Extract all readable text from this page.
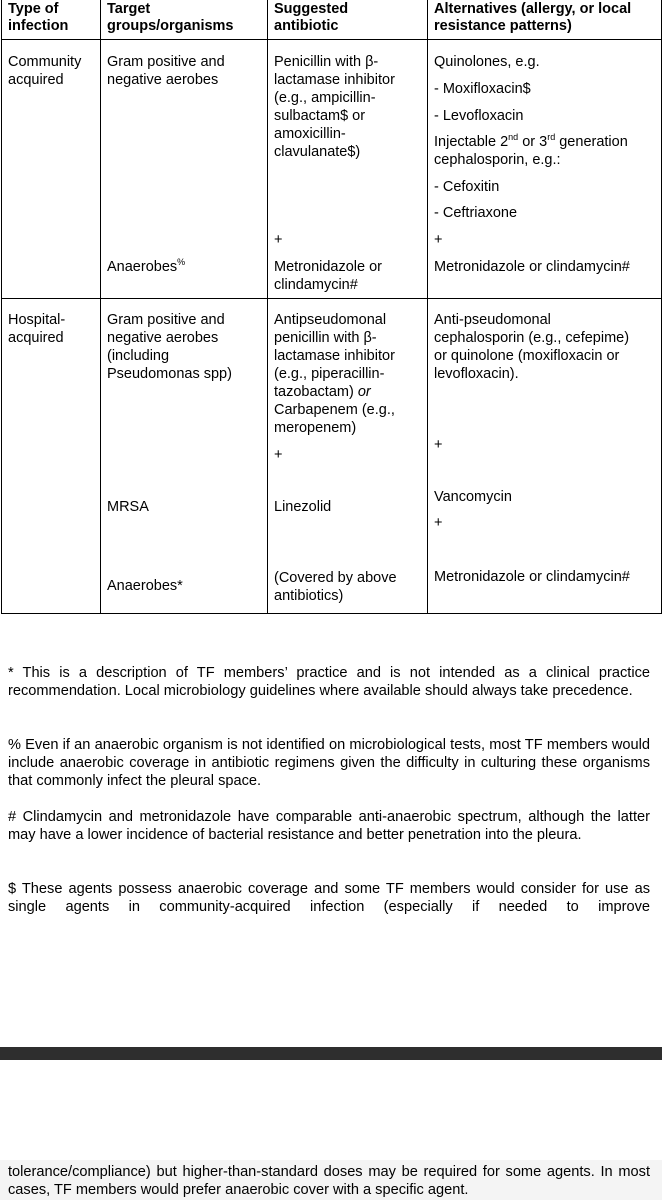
Type of
infection
Target
groups/organisms
Suggested
antibiotic
Alternatives (allergy, or local
resistance patterns)
Community
acquired
Gram positive and
negative aerobes
Anaerobes%
Penicillin with β-
lactamase inhibitor
(e.g., ampicillin-
sulbactam$ or
amoxicillin-
clavulanate$)
+
Metronidazole or
clindamycin#
Quinolones, e.g.
- Moxifloxacin$
- Levofloxacin
Injectable 2nd or 3rd generation
cephalosporin, e.g.:
- Cefoxitin
- Ceftriaxone
+
Metronidazole or clindamycin#
Hospital-
acquired
Gram positive and
negative aerobes
(including
Pseudomonas spp)
MRSA
Anaerobes*
Antipseudomonal
penicillin with β-
lactamase inhibitor
(e.g., piperacillin-
tazobactam) or
Carbapenem (e.g.,
meropenem)
+
Linezolid
(Covered by above
antibiotics)
Anti-pseudomonal
cephalosporin (e.g., cefepime)
or quinolone (moxifloxacin or
levofloxacin).
+
Vancomycin
+
Metronidazole or clindamycin#

* This is a description of TF members’ practice and is not intended as a clinical practice recommendation. Local microbiology guidelines where available should always take precedence.

% Even if an anaerobic organism is not identified on microbiological tests, most TF members would include anaerobic coverage in antibiotic regimens given the difficulty in culturing these organisms that commonly infect the pleural space.

# Clindamycin and metronidazole have comparable anti-anaerobic spectrum, although the latter may have a lower incidence of bacterial resistance and better penetration into the pleura.

$ These agents possess anaerobic coverage and some TF members would consider for use as single agents in community-acquired infection (especially if needed to improve

tolerance/compliance) but higher-than-standard doses may be required for some agents. In most cases, TF members would prefer anaerobic cover with a specific agent.
